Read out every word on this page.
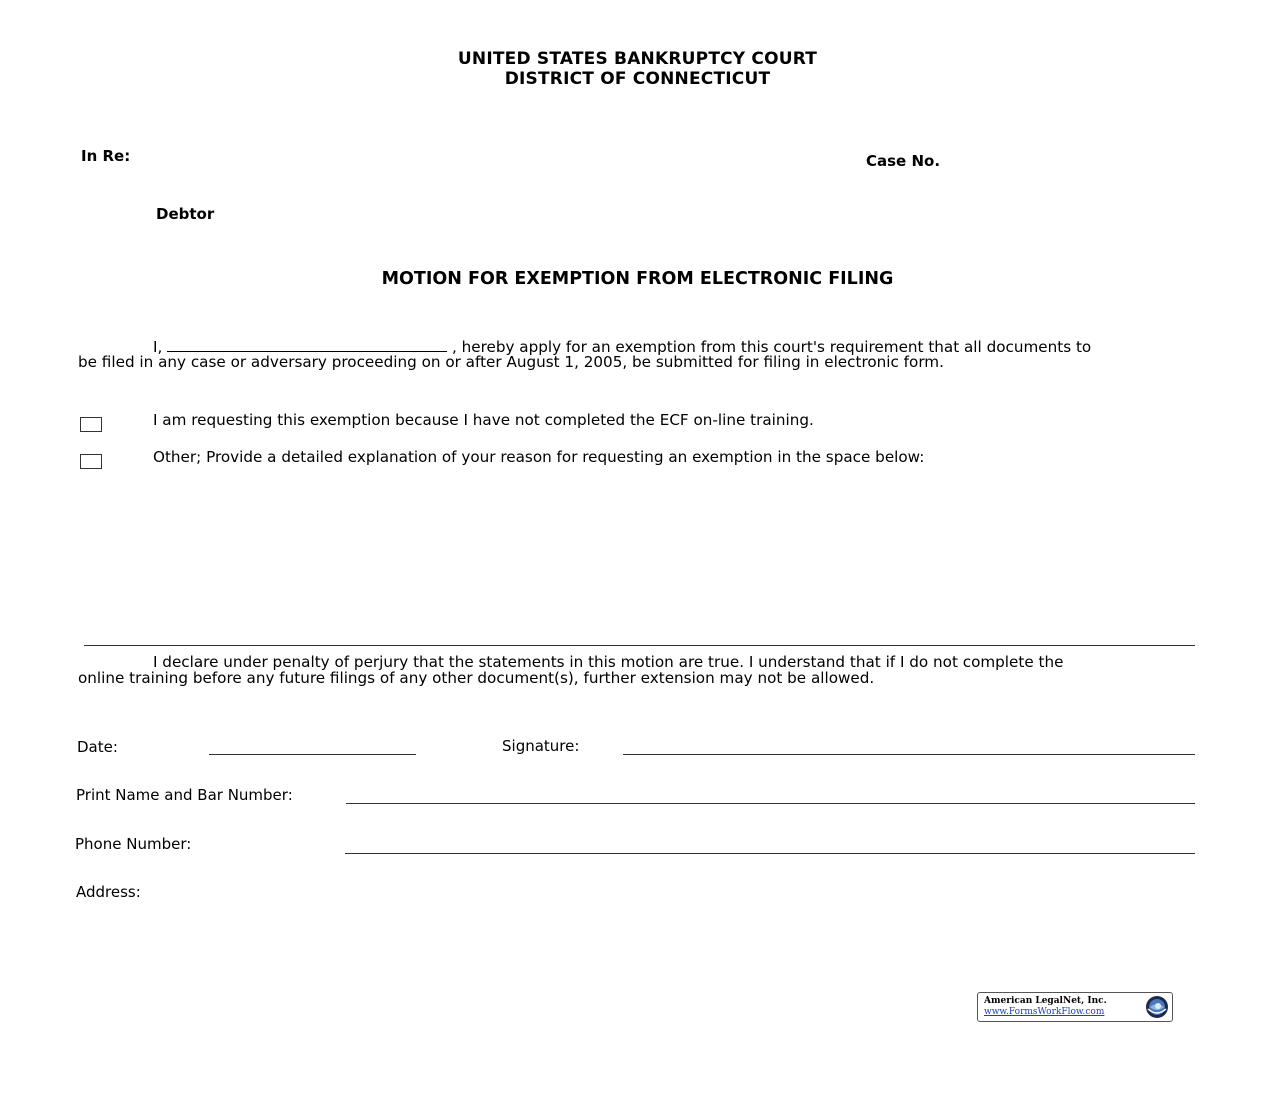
UNITED STATES BANKRUPTCY COURT
DISTRICT OF CONNECTICUT
In Re:	Case No.
Debtor
MOTION FOR EXEMPTION FROM ELECTRONIC FILING
I,	, hereby apply for an exemption from this court's requirement that all documents to
be filed in any case or adversary proceeding on or after August 1, 2005, be submitted for filing in electronic form.
I am requesting this exemption because I have not completed the ECF on-line training.
Other; Provide a detailed explanation of your reason for requesting an exemption in the space below:
I declare under penalty of perjury that the statements in this motion are true. I understand that if I do not complete the
online training before any future filings of any other document(s), further extension may not be allowed.
Date:	Signature:
Print Name and Bar Number:
Phone Number:
Address:
American LegalNet, Inc.
www.FormsWorkFlow.com
